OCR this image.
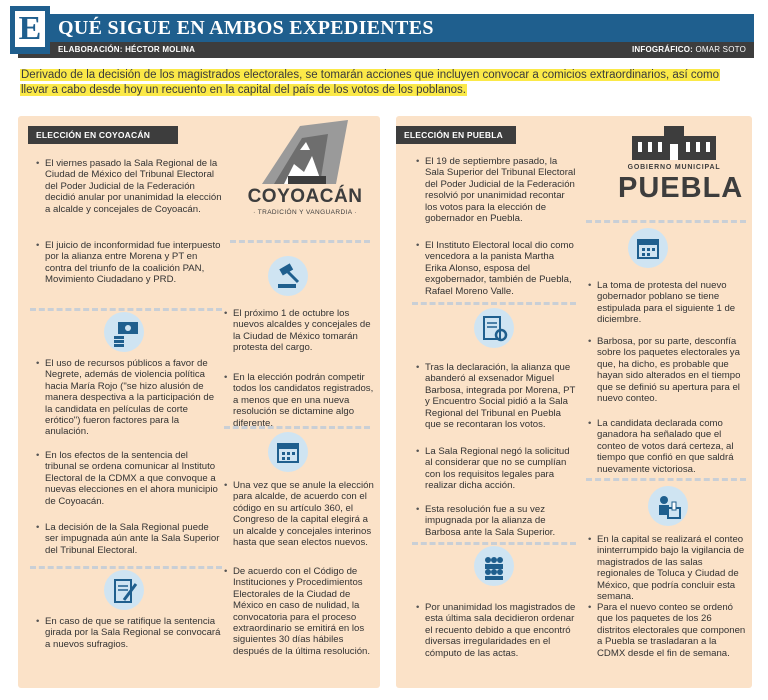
E QUÉ SIGUE EN AMBOS EXPEDIENTES
ELABORACIÓN: HÉCTOR MOLINA	INFOGRÁFICO: OMAR SOTO
Derivado de la decisión de los magistrados electorales, se tomarán acciones que incluyen convocar a comicios extraordinarios, así como llevar a cabo desde hoy un recuento en la capital del país de los votos de los poblanos.
ELECCIÓN EN COYOACÁN
COYOACÁN
· TRADICIÓN Y VANGUARDIA ·

• El viernes pasado la Sala Regional de la Ciudad de México del Tribunal Electoral del Poder Judicial de la Federación decidió anular por unanimidad la elección a alcalde y concejales de Coyoacán.

• El juicio de inconformidad fue interpuesto por la alianza entre Morena y PT en contra del triunfo de la coalición PAN, Movimiento Ciudadano y PRD.

• El uso de recursos públicos a favor de Negrete, además de violencia política hacia María Rojo ("se hizo alusión de manera despectiva a la participación de la candidata en películas de corte erótico") fueron factores para la anulación.

• En los efectos de la sentencia del tribunal se ordena comunicar al Instituto Electoral de la CDMX a que convoque a nuevas elecciones en el ahora municipio de Coyoacán.

• La decisión de la Sala Regional puede ser impugnada aún ante la Sala Superior del Tribunal Electoral.

• En caso de que se ratifique la sentencia girada por la Sala Regional se convocará a nuevos sufragios.

• El próximo 1 de octubre los nuevos alcaldes y concejales de la Ciudad de México tomarán protesta del cargo.

• En la elección podrán competir todos los candidatos registrados, a menos que en una nueva resolución se dictamine algo diferente.

• Una vez que se anule la elección para alcalde, de acuerdo con el código en su artículo 360, el Congreso de la capital elegirá a un alcalde y concejales interinos hasta que sean electos nuevos.

• De acuerdo con el Código de Instituciones y Procedimientos Electorales de la Ciudad de México en caso de nulidad, la convocatoria para el proceso extraordinario se emitirá en los siguientes 30 días hábiles después de la última resolución.

ELECCIÓN EN PUEBLA
GOBIERNO MUNICIPAL
PUEBLA

• El 19 de septiembre pasado, la Sala Superior del Tribunal Electoral del Poder Judicial de la Federación resolvió por unanimidad recontar los votos para la elección de gobernador en Puebla.

• El Instituto Electoral local dio como vencedora a la panista Martha Erika Alonso, esposa del exgobernador, también de Puebla, Rafael Moreno Valle.

• Tras la declaración, la alianza que abanderó al exsenador Miguel Barbosa, integrada por Morena, PT y Encuentro Social pidió a la Sala Regional del Tribunal en Puebla que se recontaran los votos.

• La Sala Regional negó la solicitud al considerar que no se cumplían con los requisitos legales para realizar dicha acción.

• Esta resolución fue a su vez impugnada por la alianza de Barbosa ante la Sala Superior.

• Por unanimidad los magistrados de esta última sala decidieron ordenar el recuento debido a que encontró diversas irregularidades en el cómputo de las actas.

• La toma de protesta del nuevo gobernador poblano se tiene estipulada para el siguiente 1 de diciembre.

• Barbosa, por su parte, desconfía sobre los paquetes electorales ya que, ha dicho, es probable que hayan sido alterados en el tiempo que se definió su apertura para el nuevo conteo.

• La candidata declarada como ganadora ha señalado que el conteo de votos dará certeza, al tiempo que confió en que saldrá nuevamente victoriosa.

• En la capital se realizará el conteo ininterrumpido bajo la vigilancia de magistrados de las salas regionales de Toluca y Ciudad de México, que podría concluir esta semana.

• Para el nuevo conteo se ordenó que los paquetes de los 26 distritos electorales que componen a Puebla se trasladaran a la CDMX desde el fin de semana.
